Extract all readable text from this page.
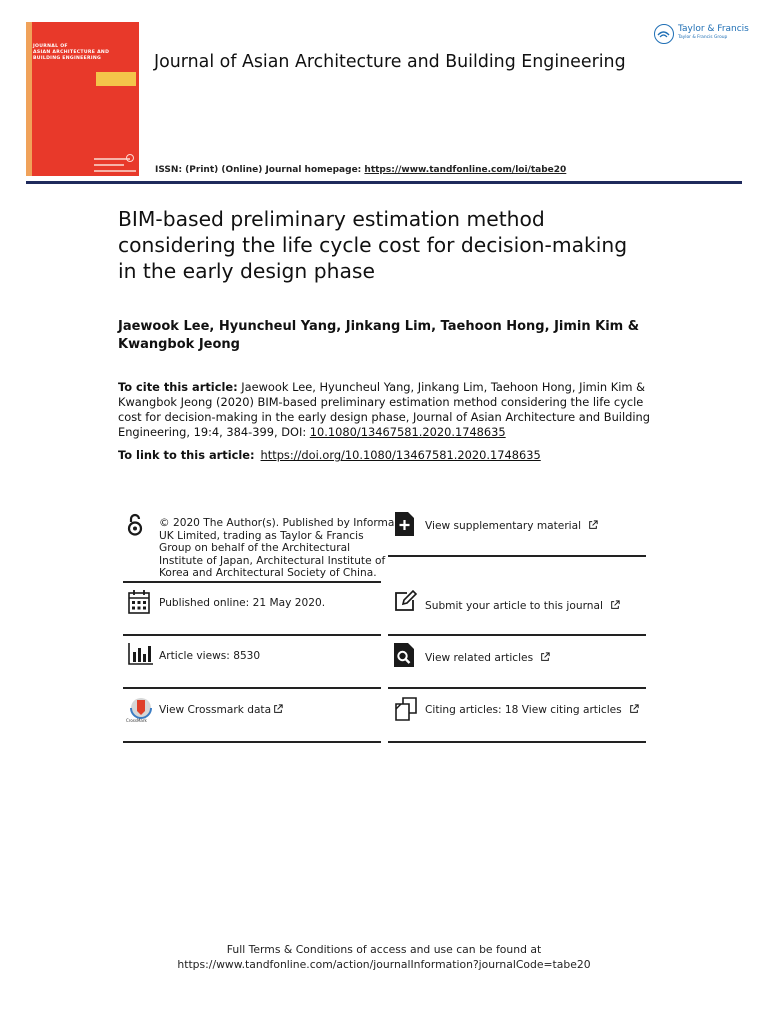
JOURNAL OF
ASIAN ARCHITECTURE AND
BUILDING ENGINEERING	Journal of Asian Architecture and Building Engineering
ISSN: (Print) (Online) Journal homepage: https://www.tandfonline.com/loi/tabe20
Taylor & Francis
Taylor & Francis Group
BIM-based preliminary estimation method
considering the life cycle cost for decision-making
in the early design phase
Jaewook Lee, Hyuncheul Yang, Jinkang Lim, Taehoon Hong, Jimin Kim &
Kwangbok Jeong
To cite this article: Jaewook Lee, Hyuncheul Yang, Jinkang Lim, Taehoon Hong, Jimin Kim &
Kwangbok Jeong (2020) BIM-based preliminary estimation method considering the life cycle
cost for decision-making in the early design phase, Journal of Asian Architecture and Building
Engineering, 19:4, 384-399, DOI: 10.1080/13467581.2020.1748635
To link to this article: https://doi.org/10.1080/13467581.2020.1748635
© 2020 The Author(s). Published by Informa
UK Limited, trading as Taylor & Francis
Group on behalf of the Architectural
Institute of Japan, Architectural Institute of
Korea and Architectural Society of China.
View supplementary material
Published online: 21 May 2020.	Submit your article to this journal
Article views: 8530	View related articles
CrossMark
View Crossmark data	Citing articles: 18 View citing articles
Full Terms & Conditions of access and use can be found at
https://www.tandfonline.com/action/journalInformation?journalCode=tabe20
